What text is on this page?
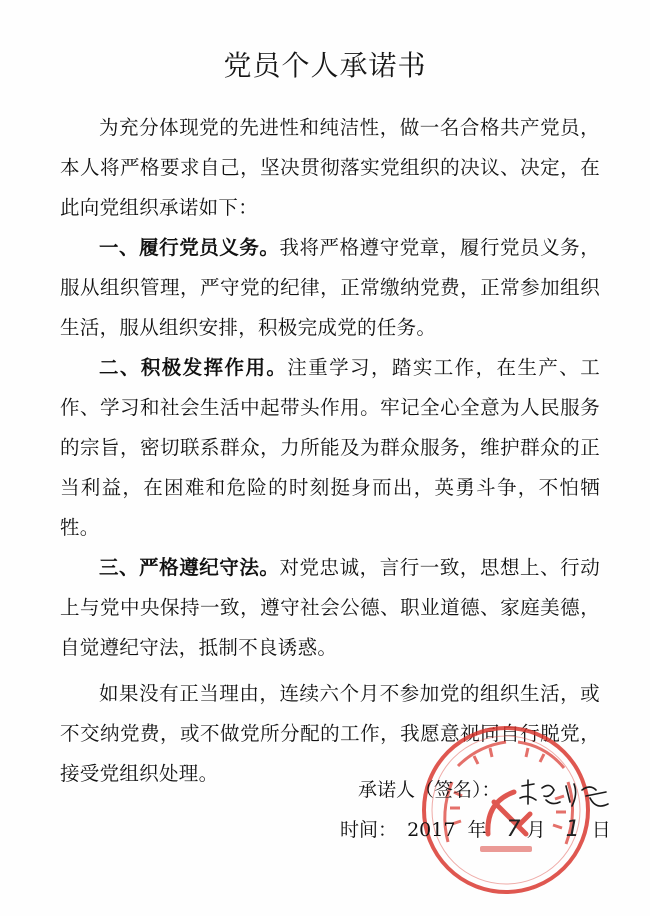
党员个人承诺书

为充分体现党的先进性和纯洁性，做一名合格共产党员，本人将严格要求自己，坚决贯彻落实党组织的决议、决定，在此向党组织承诺如下：

一、履行党员义务。我将严格遵守党章，履行党员义务，服从组织管理，严守党的纪律，正常缴纳党费，正常参加组织生活，服从组织安排，积极完成党的任务。

二、积极发挥作用。注重学习，踏实工作，在生产、工作、学习和社会生活中起带头作用。牢记全心全意为人民服务的宗旨，密切联系群众，力所能及为群众服务，维护群众的正当利益，在困难和危险的时刻挺身而出，英勇斗争，不怕牺牲。

三、严格遵纪守法。对党忠诚，言行一致，思想上、行动上与党中央保持一致，遵守社会公德、职业道德、家庭美德，自觉遵纪守法，抵制不良诱惑。

如果没有正当理由，连续六个月不参加党的组织生活，或不交纳党费，或不做党所分配的工作，我愿意视同自行脱党，接受党组织处理。

承诺人（签名）：
时间： 2017 年 7 月 1 日
